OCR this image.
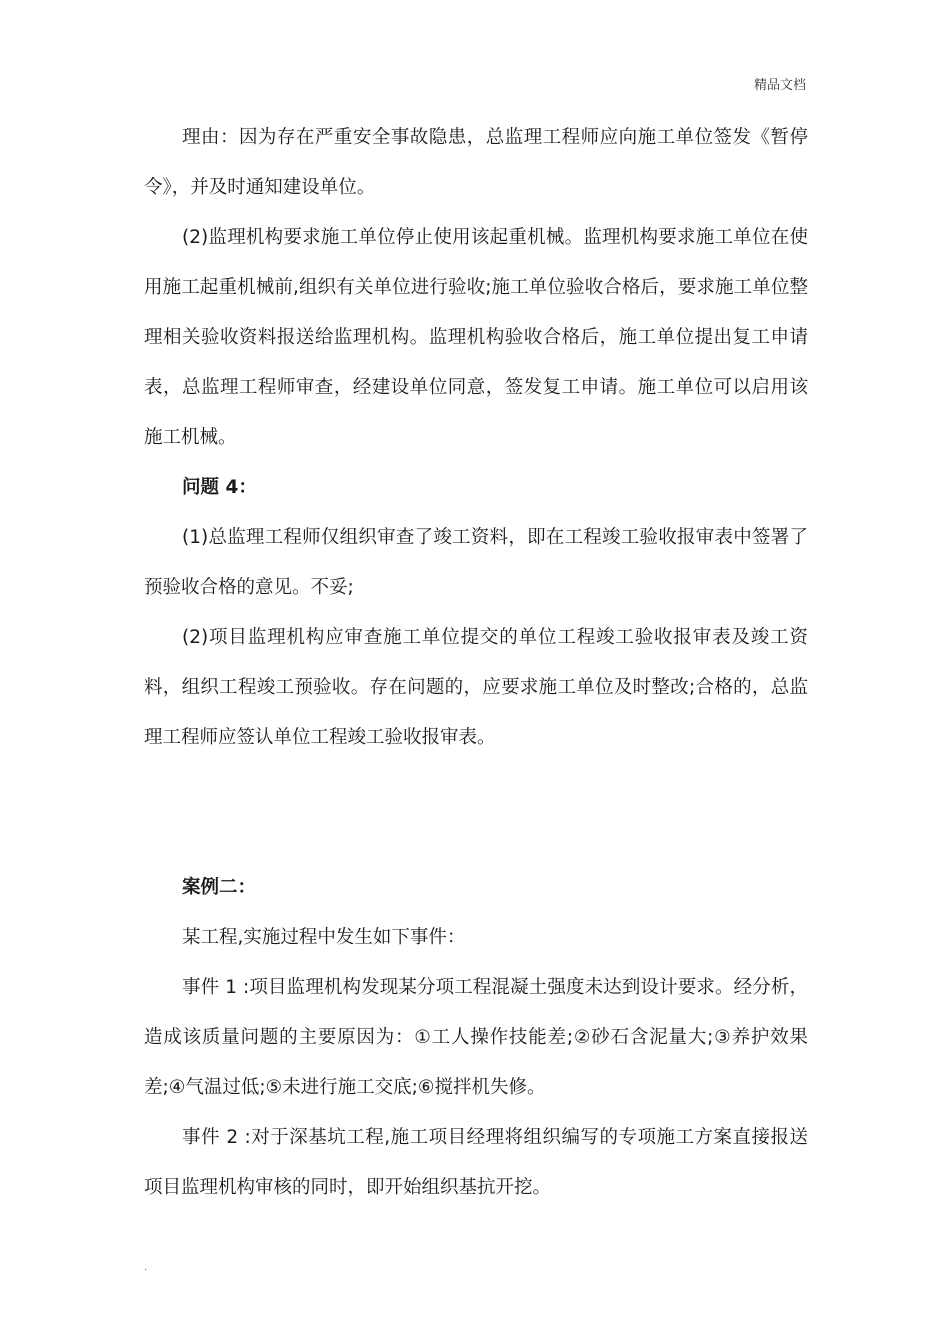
精品文档

理由：因为存在严重安全事故隐患，总监理工程师应向施工单位签发《暂停令》，并及时通知建设单位。

(2)监理机构要求施工单位停止使用该起重机械。监理机构要求施工单位在使用施工起重机械前,组织有关单位进行验收;施工单位验收合格后，要求施工单位整理相关验收资料报送给监理机构。监理机构验收合格后，施工单位提出复工申请表，总监理工程师审查，经建设单位同意，签发复工申请。施工单位可以启用该施工机械。

问题 4：

(1)总监理工程师仅组织审查了竣工资料，即在工程竣工验收报审表中签署了预验收合格的意见。不妥;

(2)项目监理机构应审查施工单位提交的单位工程竣工验收报审表及竣工资料，组织工程竣工预验收。存在问题的，应要求施工单位及时整改;合格的，总监理工程师应签认单位工程竣工验收报审表。

案例二：

某工程,实施过程中发生如下事件：

事件 1 :项目监理机构发现某分项工程混凝土强度未达到设计要求。经分析，造成该质量问题的主要原因为：①工人操作技能差;②砂石含泥量大;③养护效果差;④气温过低;⑤未进行施工交底;⑥搅拌机失修。

事件 2 :对于深基坑工程,施工项目经理将组织编写的专项施工方案直接报送项目监理机构审核的同时，即开始组织基抗开挖。

.
